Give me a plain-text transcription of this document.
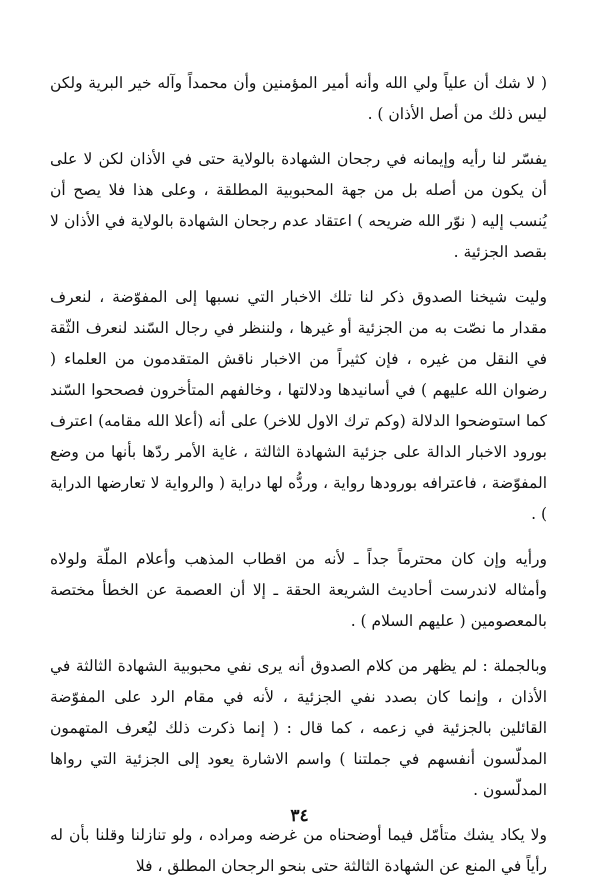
( لا شك أن علياً ولي الله وأنه أمير المؤمنين وأن محمداً وآله خير البرية ولكن ليس ذلك من أصل الأذان ) .

يفسّر لنا رأيه وإيمانه في رجحان الشهادة بالولاية حتى في الأذان لكن لا على أن يكون من أصله بل من جهة المحبوبية المطلقة ، وعلى هذا فلا يصح أن يُنسب إليه ( نوّر الله ضريحه ) اعتقاد عدم رجحان الشهادة بالولاية في الأذان لا بقصد الجزئية .

وليت شيخنا الصدوق ذكر لنا تلك الاخبار التي نسبها إلى المفوّضة ، لنعرف مقدار ما نصّت به من الجزئية أو غيرها ، ولننظر في رجال السّند لنعرف الثّقة في النقل من غيره ، فإن كثيراً من الاخبار ناقش المتقدمون من العلماء ( رضوان الله عليهم ) في أسانيدها ودلالتها ، وخالفهم المتأخرون فصححوا السّند كما استوضحوا الدلالة (وكم ترك الاول للاخر) على أنه (أعلا الله مقامه) اعترف بورود الاخبار الدالة على جزئية الشهادة الثالثة ، غاية الأمر ردّها بأنها من وضع المفوّضة ، فاعترافه بورودها رواية ، وردُّه لها دراية ( والرواية لا تعارضها الدراية ) .

ورأيه وإن كان محترماً جداً ـ لأنه من اقطاب المذهب وأعلام الملّة ولولاه وأمثاله لاندرست أحاديث الشريعة الحقة ـ إلا أن العصمة عن الخطأ مختصة بالمعصومين ( عليهم السلام ) .

وبالجملة : لم يظهر من كلام الصدوق أنه يرى نفي محبوبية الشهادة الثالثة في الأذان ، وإنما كان بصدد نفي الجزئية ، لأنه في مقام الرد على المفوّضة القائلين بالجزئية في زعمه ، كما قال : ( إنما ذكرت ذلك ليُعرف المتهمون المدلّسون أنفسهم في جملتنا ) واسم الاشارة يعود إلى الجزئية التي رواها المدلّسون .

ولا يكاد يشك متأمّل فيما أوضحناه من غرضه ومراده ، ولو تنازلنا وقلنا بأن له رأياً في المنع عن الشهادة الثالثة حتى بنحو الرجحان المطلق ، فلا

٣٤
